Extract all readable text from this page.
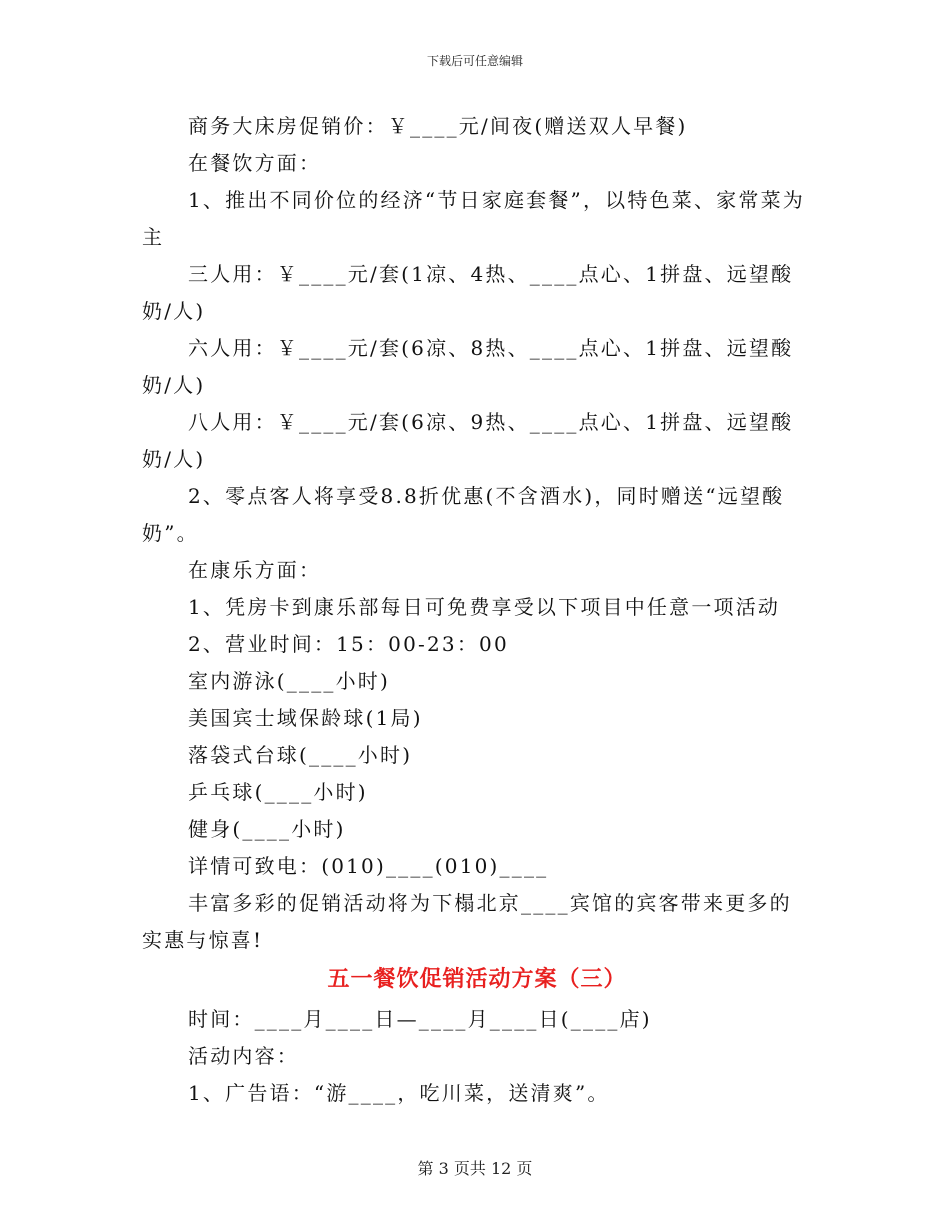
下载后可任意编辑
商务大床房促销价：￥____元/间夜(赠送双人早餐)
在餐饮方面：
1、推出不同价位的经济“节日家庭套餐”，以特色菜、家常菜为主
三人用：￥____元/套(1凉、4热、____点心、1拼盘、远望酸奶/人)
六人用：￥____元/套(6凉、8热、____点心、1拼盘、远望酸奶/人)
八人用：￥____元/套(6凉、9热、____点心、1拼盘、远望酸奶/人)
2、零点客人将享受8.8折优惠(不含酒水)，同时赠送“远望酸奶”。
在康乐方面：
1、凭房卡到康乐部每日可免费享受以下项目中任意一项活动
2、营业时间：15：00-23：00
室内游泳(____小时)
美国宾士域保龄球(1局)
落袋式台球(____小时)
乒乓球(____小时)
健身(____小时)
详情可致电：(010)____(010)____
丰富多彩的促销活动将为下榻北京____宾馆的宾客带来更多的实惠与惊喜!
五一餐饮促销活动方案（三）
时间：____月____日—____月____日(____店)
活动内容：
1、广告语：“游____，吃川菜，送清爽”。
第 3 页共 12 页
